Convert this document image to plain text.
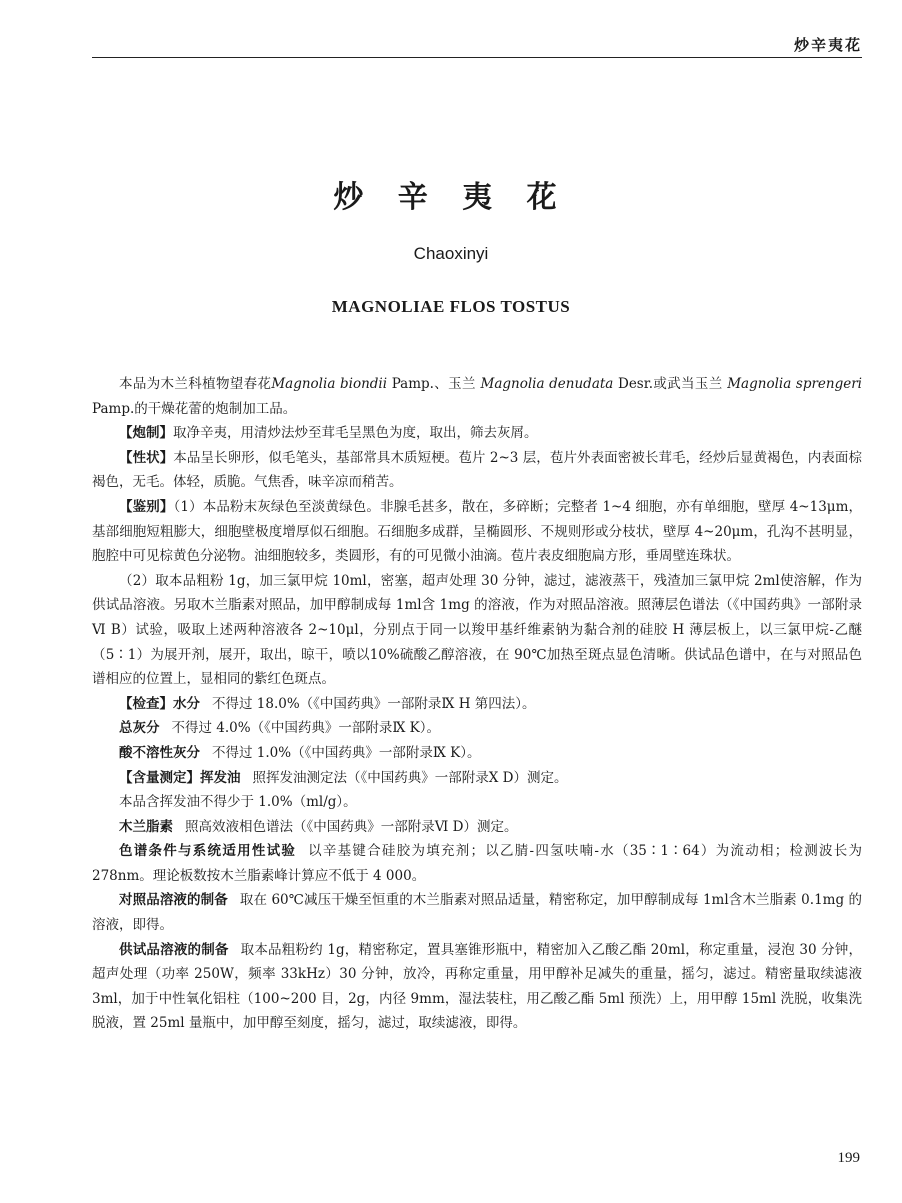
炒辛夷花
炒 辛 夷 花
Chaoxinyi
MAGNOLIAE FLOS TOSTUS

本品为木兰科植物望春花Magnolia biondii Pamp.、玉兰 Magnolia denudata Desr.或武当玉兰 Magnolia sprengeri Pamp.的干燥花蕾的炮制加工品。

【炮制】取净辛夷，用清炒法炒至茸毛呈黑色为度，取出，筛去灰屑。

【性状】本品呈长卵形，似毛笔头，基部常具木质短梗。苞片 2~3 层，苞片外表面密被长茸毛，经炒后显黄褐色，内表面棕褐色，无毛。体轻，质脆。气焦香，味辛凉而稍苦。

【鉴别】（1）本品粉末灰绿色至淡黄绿色。非腺毛甚多，散在，多碎断；完整者 1~4 细胞，亦有单细胞，壁厚 4~13μm，基部细胞短粗膨大，细胞壁极度增厚似石细胞。石细胞多成群，呈椭圆形、不规则形或分枝状，壁厚 4~20μm，孔沟不甚明显，胞腔中可见棕黄色分泌物。油细胞较多，类圆形，有的可见微小油滴。苞片表皮细胞扁方形，垂周壁连珠状。

（2）取本品粗粉 1g，加三氯甲烷 10ml，密塞，超声处理 30 分钟，滤过，滤液蒸干，残渣加三氯甲烷 2ml使溶解，作为供试品溶液。另取木兰脂素对照品，加甲醇制成每 1ml含 1mg 的溶液，作为对照品溶液。照薄层色谱法（《中国药典》一部附录Ⅵ B）试验，吸取上述两种溶液各 2~10μl，分别点于同一以羧甲基纤维素钠为黏合剂的硅胶 H 薄层板上，以三氯甲烷-乙醚（5∶1）为展开剂，展开，取出，晾干，喷以10%硫酸乙醇溶液，在 90℃加热至斑点显色清晰。供试品色谱中，在与对照品色谱相应的位置上，显相同的紫红色斑点。

【检查】水分 不得过 18.0%（《中国药典》一部附录Ⅸ H 第四法）。

总灰分 不得过 4.0%（《中国药典》一部附录Ⅸ K）。

酸不溶性灰分 不得过 1.0%（《中国药典》一部附录Ⅸ K）。

【含量测定】挥发油 照挥发油测定法（《中国药典》一部附录Ⅹ D）测定。

本品含挥发油不得少于 1.0%（ml/g）。

木兰脂素 照高效液相色谱法（《中国药典》一部附录Ⅵ D）测定。

色谱条件与系统适用性试验 以辛基键合硅胶为填充剂；以乙腈-四氢呋喃-水（35∶1∶64）为流动相；检测波长为 278nm。理论板数按木兰脂素峰计算应不低于 4 000。

对照品溶液的制备 取在 60℃减压干燥至恒重的木兰脂素对照品适量，精密称定，加甲醇制成每 1ml含木兰脂素 0.1mg 的溶液，即得。

供试品溶液的制备 取本品粗粉约 1g，精密称定，置具塞锥形瓶中，精密加入乙酸乙酯 20ml，称定重量，浸泡 30 分钟，超声处理（功率 250W，频率 33kHz）30 分钟，放冷，再称定重量，用甲醇补足减失的重量，摇匀，滤过。精密量取续滤液 3ml，加于中性氧化铝柱（100~200 目，2g，内径 9mm，湿法装柱，用乙酸乙酯 5ml 预洗）上，用甲醇 15ml 洗脱，收集洗脱液，置 25ml 量瓶中，加甲醇至刻度，摇匀，滤过，取续滤液，即得。

199
